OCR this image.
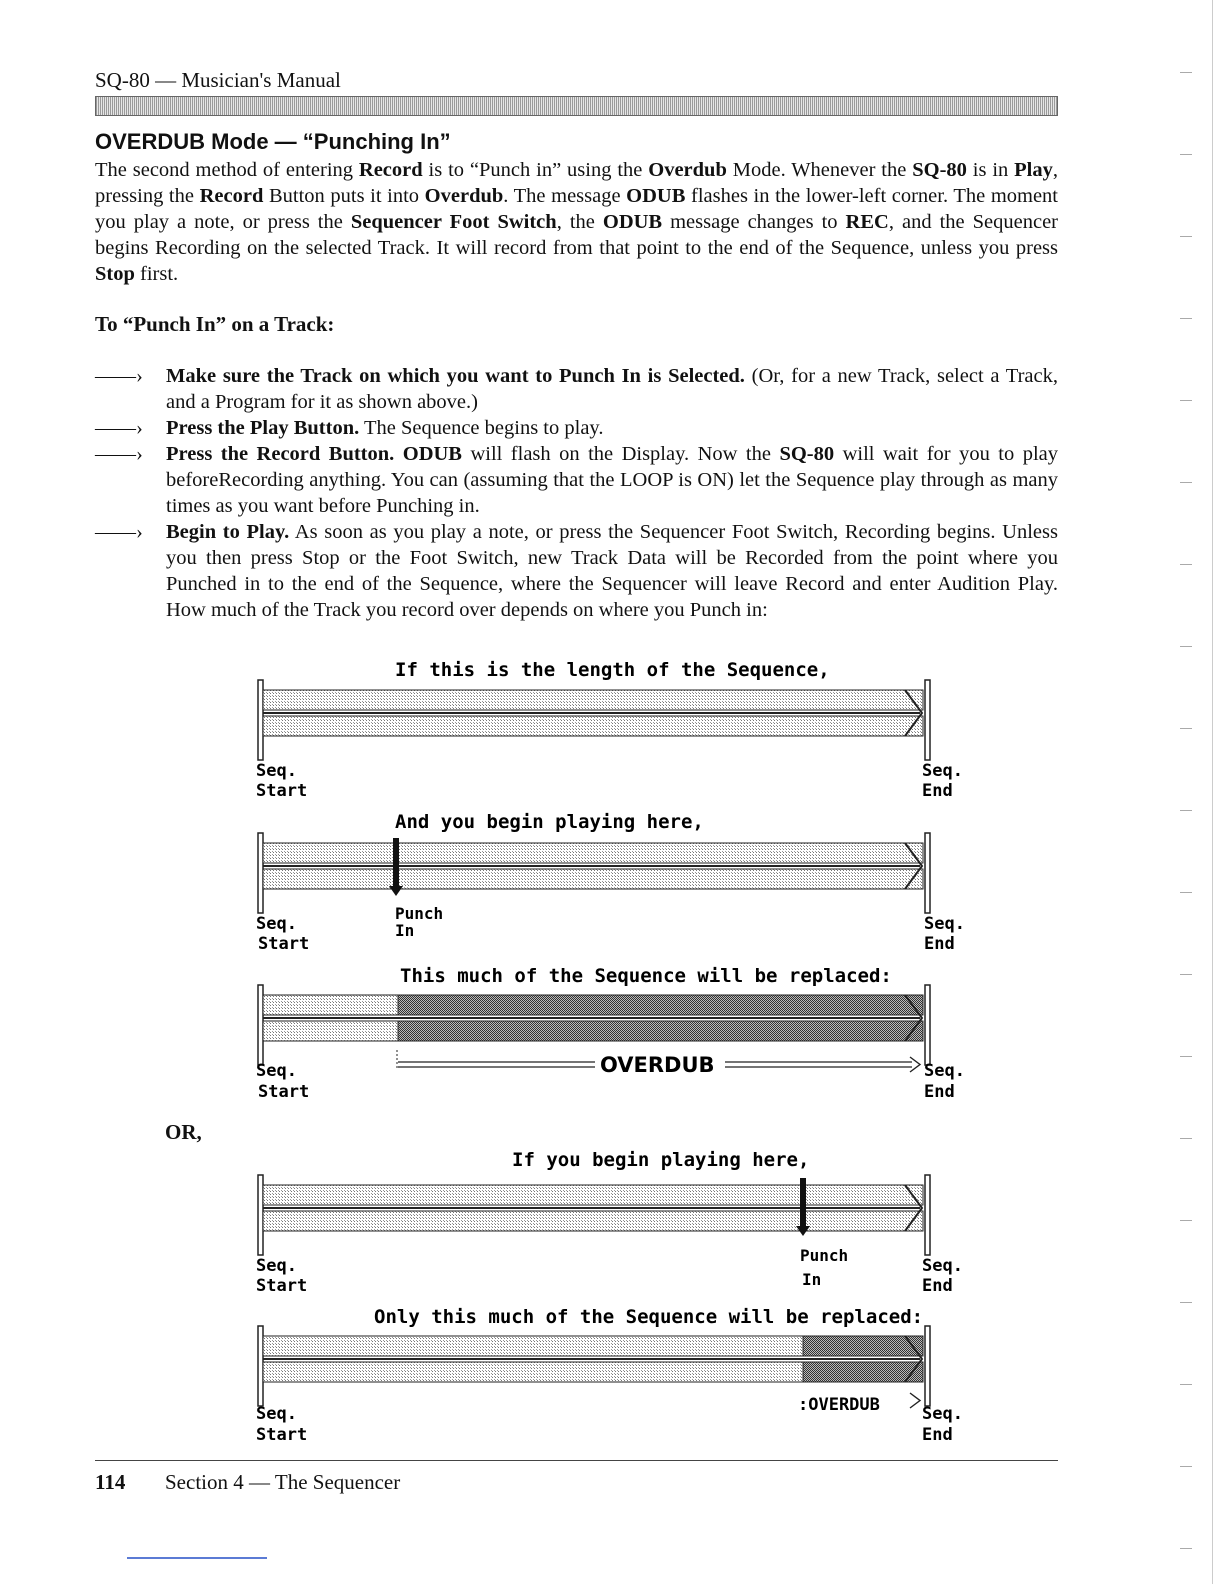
SQ-80 — Musician's Manual
OVERDUB Mode — “Punching In”
The second method of entering Record is to “Punch in” using the Overdub Mode. Whenever the SQ-80 is in Play, pressing the Record Button puts it into Overdub. The message ODUB flashes in the lower-left corner. The moment you play a note, or press the Sequencer Foot Switch, the ODUB message changes to REC, and the Sequencer begins Recording on the selected Track. It will record from that point to the end of the Sequence, unless you press Stop first.
To “Punch In” on a Track:
——›	Make sure the Track on which you want to Punch In is Selected. (Or, for a new Track, select a Track, and a Program for it as shown above.)
——›	Press the Play Button. The Sequence begins to play.
——›	Press the Record Button. ODUB will flash on the Display. Now the SQ-80 will wait for you to play beforeRecording anything. You can (assuming that the LOOP is ON) let the Sequence play through as many times as you want before Punching in.
——›	Begin to Play. As soon as you play a note, or press the Sequencer Foot Switch, Recording begins. Unless you then press Stop or the Foot Switch, new Track Data will be Recorded from the point where you Punched in to the end of the Sequence, where the Sequencer will leave Record and enter Audition Play. How much of the Track you record over depends on where you Punch in:
If this is the length of the Sequence,
Seq.
Start
Seq.
End
And you begin playing here,
Seq.
Start
Punch
In	Seq.
End
This much of the Sequence will be replaced:
OVERDUB
Seq.
Start
Seq.
End
If you begin playing here,
Seq.
Start
Punch
In
Seq.
End
Only this much of the Sequence will be replaced:
:OVERDUB
Seq.
Start
Seq.
End
OR,
114 Section 4 — The Sequencer
